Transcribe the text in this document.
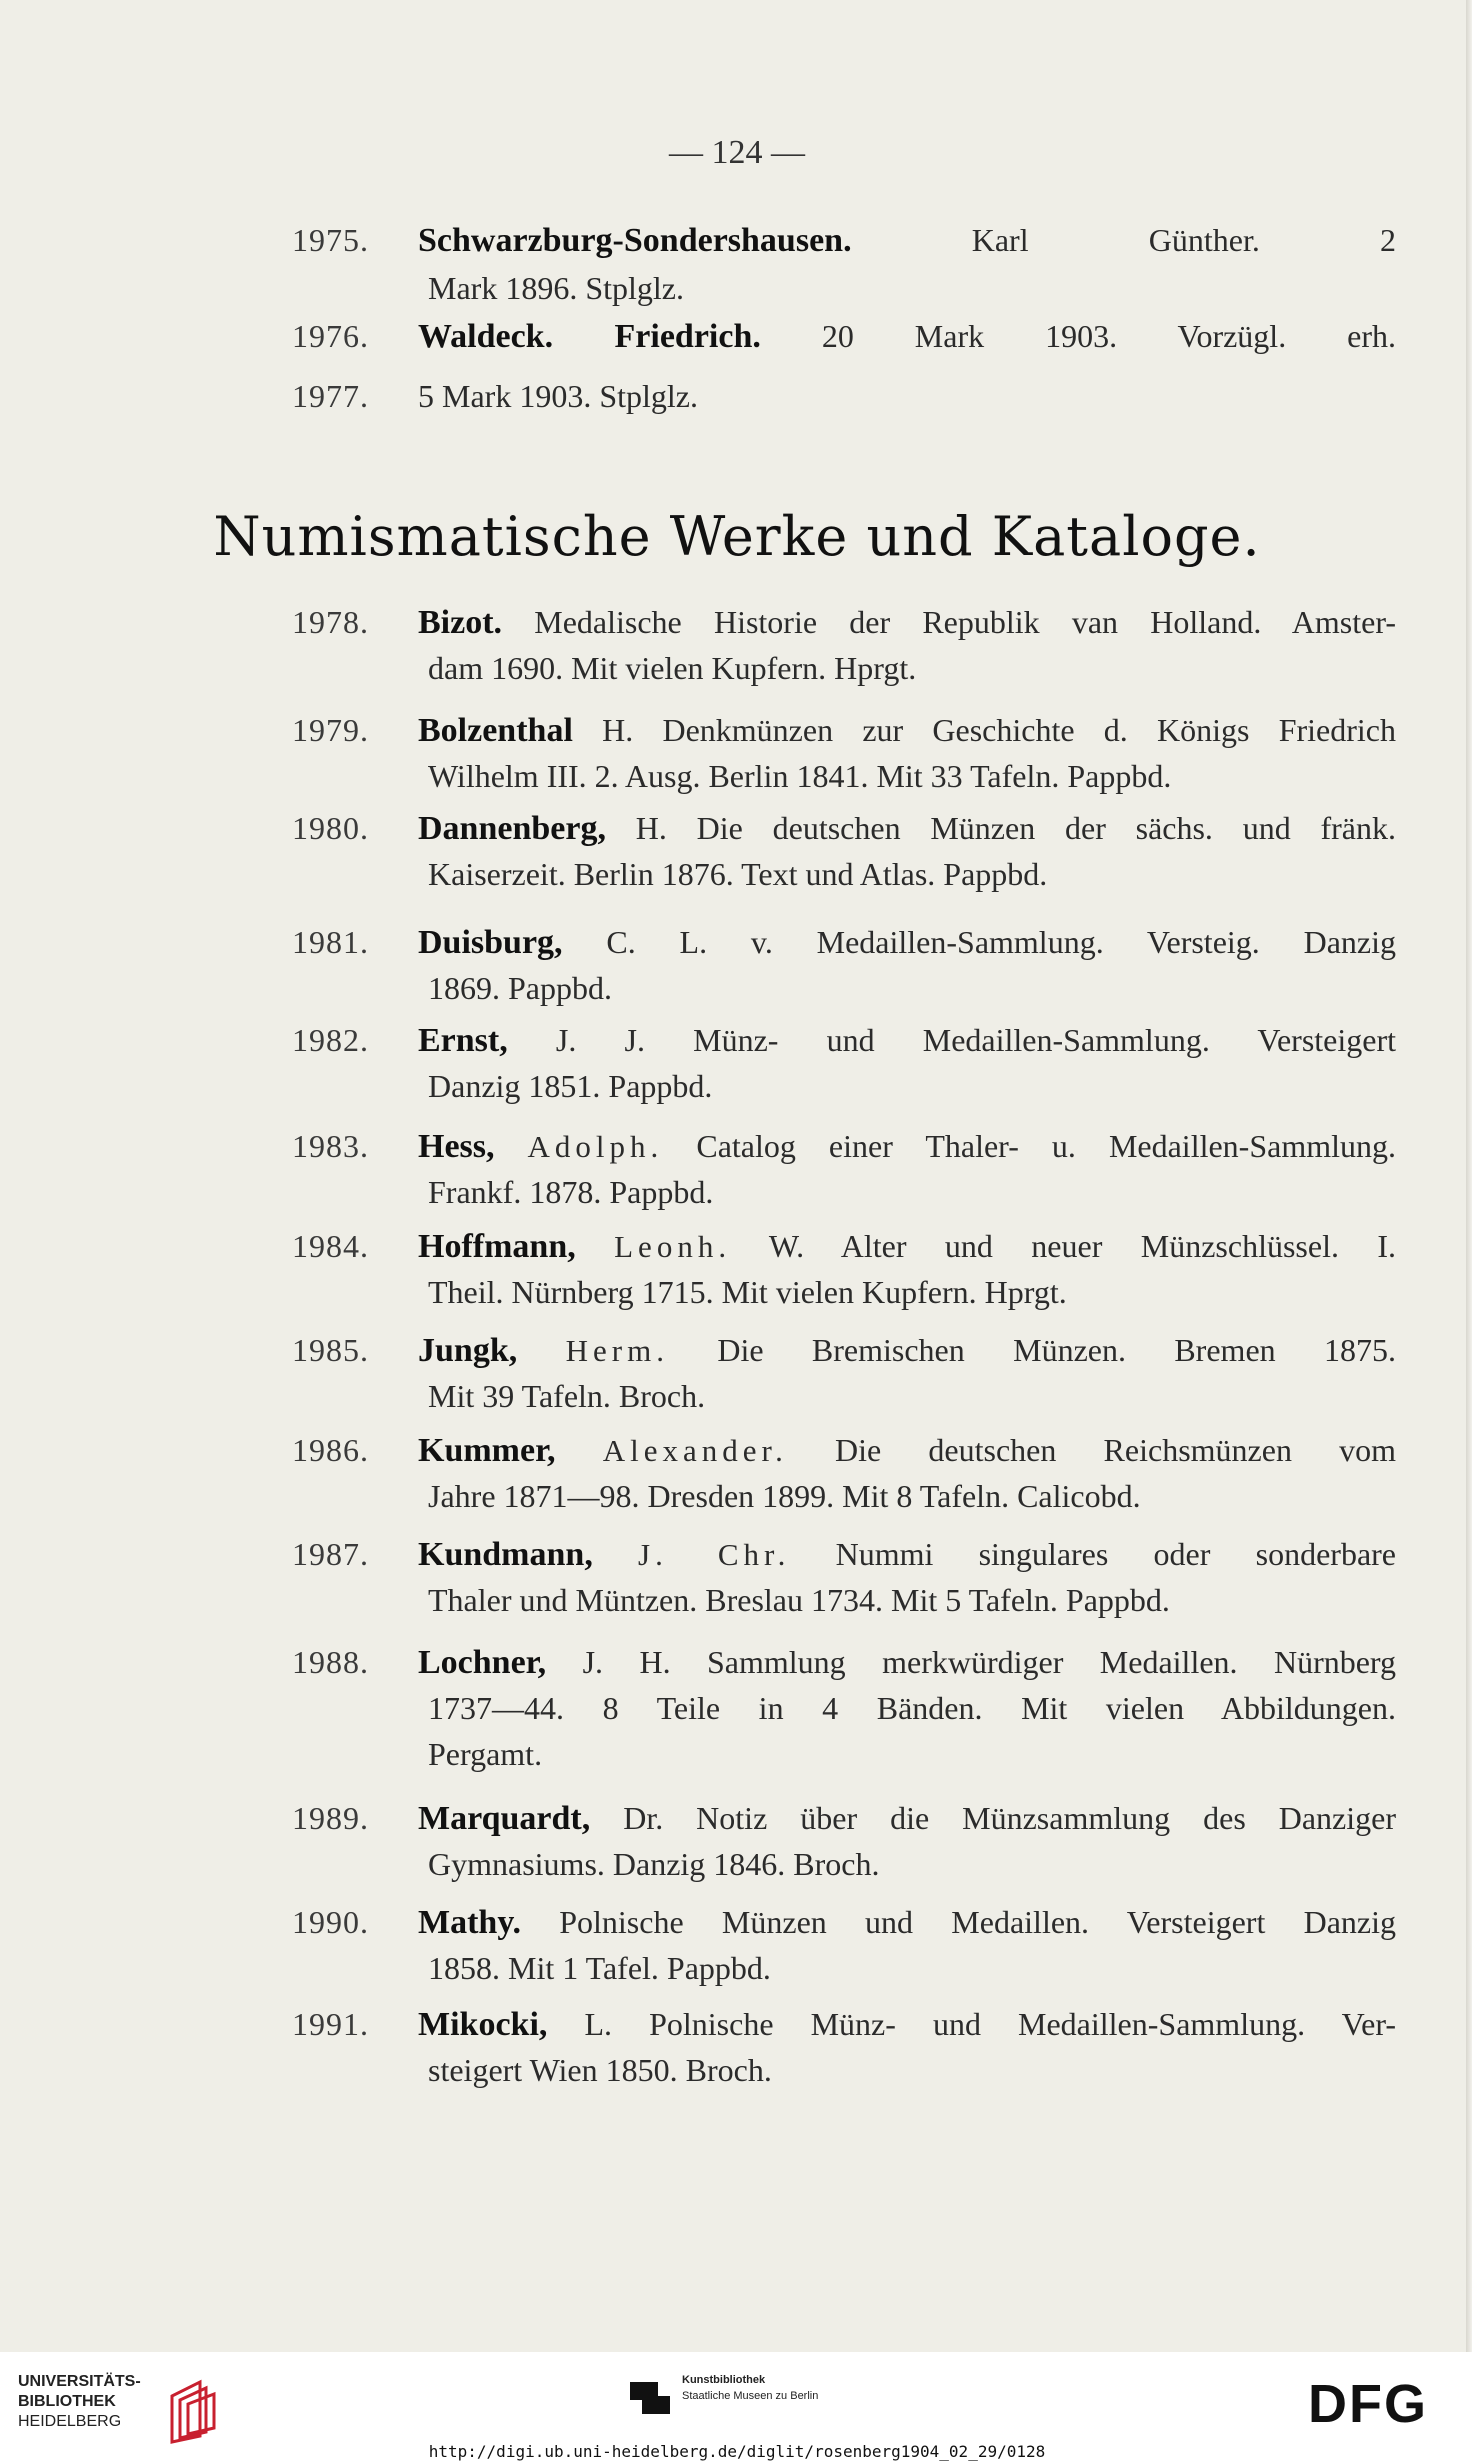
— 124 —
Numismatische Werke und Kataloge.
1975. Schwarzburg-Sondershausen.	Karl Günther. 2
Mark 1896. Stplglz.
1976. Waldeck. Friedrich. 20 Mark 1903. Vorzügl. erh.
1977. 5 Mark 1903. Stplglz.
1978. Bizot. Medalische Historie der Republik van Holland. Amster-
dam 1690. Mit vielen Kupfern. Hprgt.
1979. Bolzenthal H. Denkmünzen zur Geschichte d. Königs Friedrich
Wilhelm III. 2. Ausg. Berlin 1841. Mit 33 Tafeln. Pappbd.
1980. Dannenberg, H. Die deutschen Münzen der sächs. und fränk.
Kaiserzeit. Berlin 1876. Text und Atlas. Pappbd.
1981. Duisburg, C. L. v. Medaillen-Sammlung. Versteig. Danzig
1869. Pappbd.
1982. Ernst, J. J. Münz- und Medaillen-Sammlung. Versteigert
Danzig 1851. Pappbd.
1983. Hess, Adolph. Catalog einer Thaler- u. Medaillen-Sammlung.
Frankf. 1878. Pappbd.
1984. Hoffmann, Leonh. W. Alter und neuer Münzschlüssel. I.
Theil. Nürnberg 1715. Mit vielen Kupfern. Hprgt.
1985. Jungk, Herm. Die Bremischen Münzen. Bremen 1875.
Mit 39 Tafeln. Broch.
1986. Kummer, Alexander. Die deutschen Reichsmünzen vom
Jahre 1871—98. Dresden 1899. Mit 8 Tafeln. Calicobd.
1987. Kundmann, J. Chr. Nummi singulares oder sonderbare
Thaler und Müntzen. Breslau 1734. Mit 5 Tafeln. Pappbd.
1988. Lochner, J. H. Sammlung merkwürdiger Medaillen. Nürnberg
1737—44. 8 Teile in 4 Bänden. Mit vielen Abbildungen.
Pergamt.
1989. Marquardt, Dr. Notiz über die Münzsammlung des Danziger
Gymnasiums. Danzig 1846. Broch.
1990. Mathy. Polnische Münzen und Medaillen. Versteigert Danzig
1858. Mit 1 Tafel. Pappbd.
1991. Mikocki, L. Polnische Münz- und Medaillen-Sammlung. Ver-
steigert Wien 1850. Broch.
UNIVERSITÄTS-
BIBLIOTHEK
HEIDELBERG
Kunstbibliothek
Staatliche Museen zu Berlin	DFG
http://digi.ub.uni-heidelberg.de/diglit/rosenberg1904_02_29/0128
